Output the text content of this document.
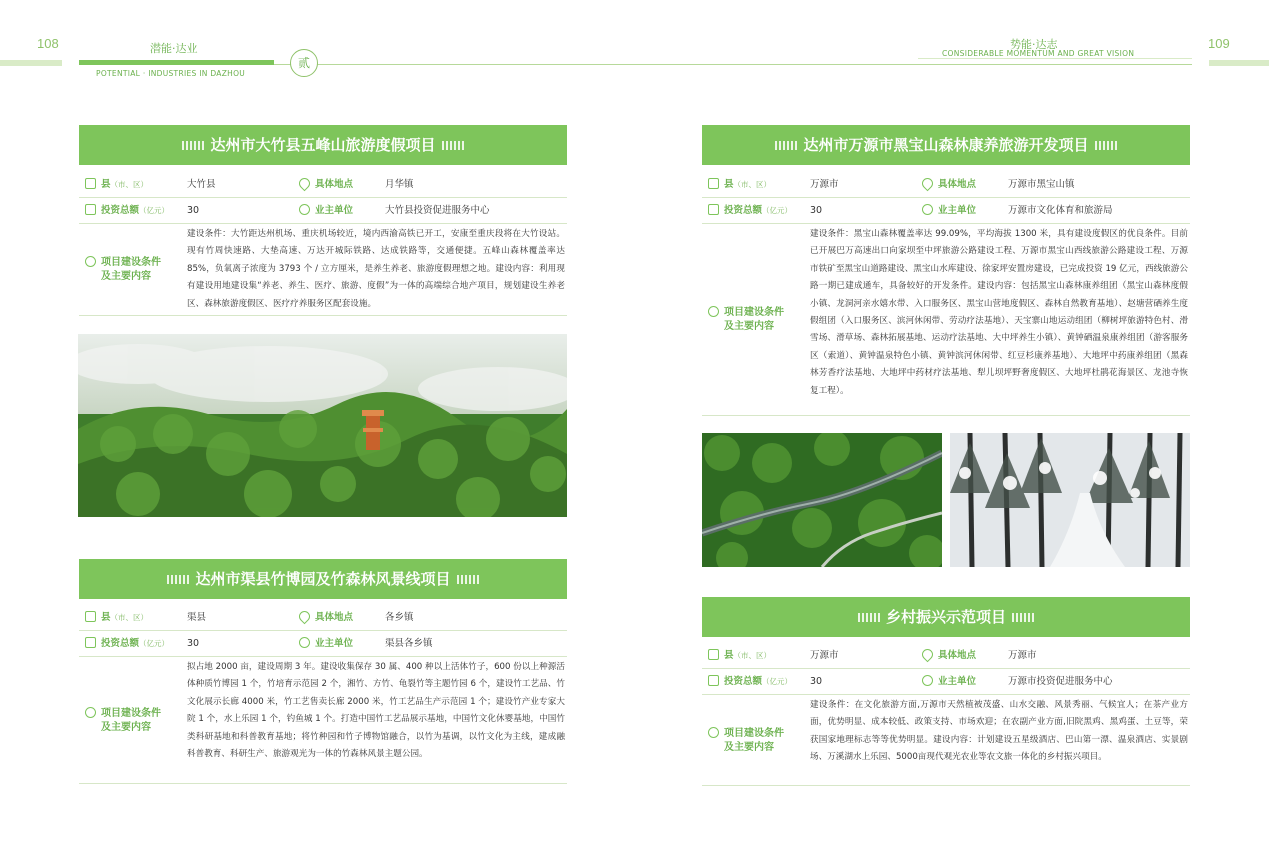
108	109
潜能·达业
POTENTIAL · INDUSTRIES IN DAZHOU
势能·达志
CONSIDERABLE MOMENTUM AND GREAT VISION
贰
达州市大竹县五峰山旅游度假项目
县（市、区）	大竹县	具体地点	月华镇
投资总额（亿元） 30	业主单位	大竹县投资促进服务中心
项目建设条件
及主要内容
建设条件：大竹距达州机场、重庆机场较近，境内西渝高铁已开工，安康至重庆段将在大竹设站。现有竹周快速路、大垫高速、万达开城际铁路、达成铁路等，交通便捷。五峰山森林覆盖率达 85%，负氧离子浓度为 3793 个 / 立方厘米，是养生养老、旅游度假理想之地。建设内容：利用现有建设用地建设集“养老、养生、医疗、旅游、度假”为一体的高端综合地产项目，规划建设生养老区、森林旅游度假区、医疗疗养服务区配套设施。
达州市渠县竹博园及竹森林风景线项目
县（市、区）	渠县	具体地点	各乡镇
投资总额（亿元） 30	业主单位	渠县各乡镇
项目建设条件
及主要内容
拟占地 2000 亩，建设周期 3 年。建设收集保存 30 属、400 种以上活体竹子，600 份以上种源活体种质竹博园 1 个，竹培育示范园 2 个，湘竹、方竹、龟裂竹等主题竹园 6 个，建设竹工艺品、竹文化展示长廊 4000 米，竹工艺售卖长廊 2000 米，竹工艺品生产示范园 1 个；建设竹产业专家大院 1 个，水上乐园 1 个，钓鱼城 1 个。打造中国竹工艺品展示基地，中国竹文化休婴基地，中国竹类科研基地和科普教育基地；将竹种园和竹子博物馆融合，以竹为基调，以竹文化为主线，建成融科普教育、科研生产、旅游观光为一体的竹森林风景主题公园。
达州市万源市黑宝山森林康养旅游开发项目
县（市、区）	万源市	具体地点	万源市黑宝山镇
投资总额（亿元） 30	业主单位	万源市文化体育和旅游局
项目建设条件
及主要内容
建设条件：黑宝山森林覆盖率达 99.09%，平均海拔 1300 米，具有建设度假区的优良条件。目前已开展巴万高速出口向家坝至中坪旅游公路建设工程、万源市黑宝山西线旅游公路建设工程、万源市铁矿至黑宝山道路建设、黑宝山水库建设、徐家坪安置房建设，已完成投资 19 亿元，西线旅游公路一期已建成通车，具备较好的开发条件。建设内容：包括黑宝山森林康养组团（黑宝山森林度假小镇、龙洞河亲水嬉水带、入口服务区、黑宝山营地度假区、森林自然教育基地）、赵塘营硒养生度假组团（入口服务区、滨河休闲带、劳动疗法基地）、天宝寨山地运动组团（柳树坪旅游特色村、滑雪场、滑草场、森林拓展基地、运动疗法基地、大中坪养生小镇）、黄钟硒温泉康养组团（游客服务区（索道）、黄钟温泉特色小镇、黄钟滨河休闲带、红豆杉康养基地）、大地坪中药康养组团（黑森林芳香疗法基地、大地坪中药材疗法基地、犁儿坝坪野奢度假区、大地坪杜鹃花海景区、龙池寺恢复工程）。
乡村振兴示范项目
县（市、区）	万源市	具体地点	万源市
投资总额（亿元） 30	业主单位	万源市投资促进服务中心
项目建设条件
及主要内容
建设条件：在文化旅游方面,万源市天然植被茂盛、山水交融、风景秀丽、气候宜人；在茶产业方面，优势明显、成本较低、政策支持、市场欢迎；在农副产业方面,旧院黑鸡、黑鸡蛋、土豆等，荣获国家地理标志等等优势明显。建设内容：计划建设五星级酒店、巴山第一漂、温泉酒店、实景剧场、万溪湖水上乐园、5000亩现代观光农业等农文旅一体化的乡村振兴项目。
